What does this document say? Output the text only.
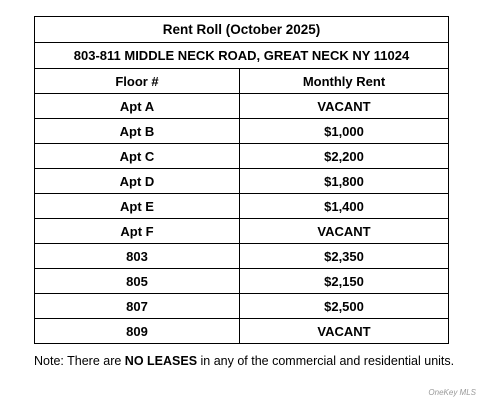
Rent Roll (October 2025)	
803-811 MIDDLE NECK ROAD, GREAT NECK NY 11024	
Floor #	Monthly Rent
Apt A	VACANT
Apt B	$1,000
Apt C	$2,200
Apt D	$1,800
Apt E	$1,400
Apt F	VACANT
803	$2,350
805	$2,150
807	$2,500
809	VACANT
Note: There are NO LEASES in any of the commercial and residential units.
OneKey MLS
